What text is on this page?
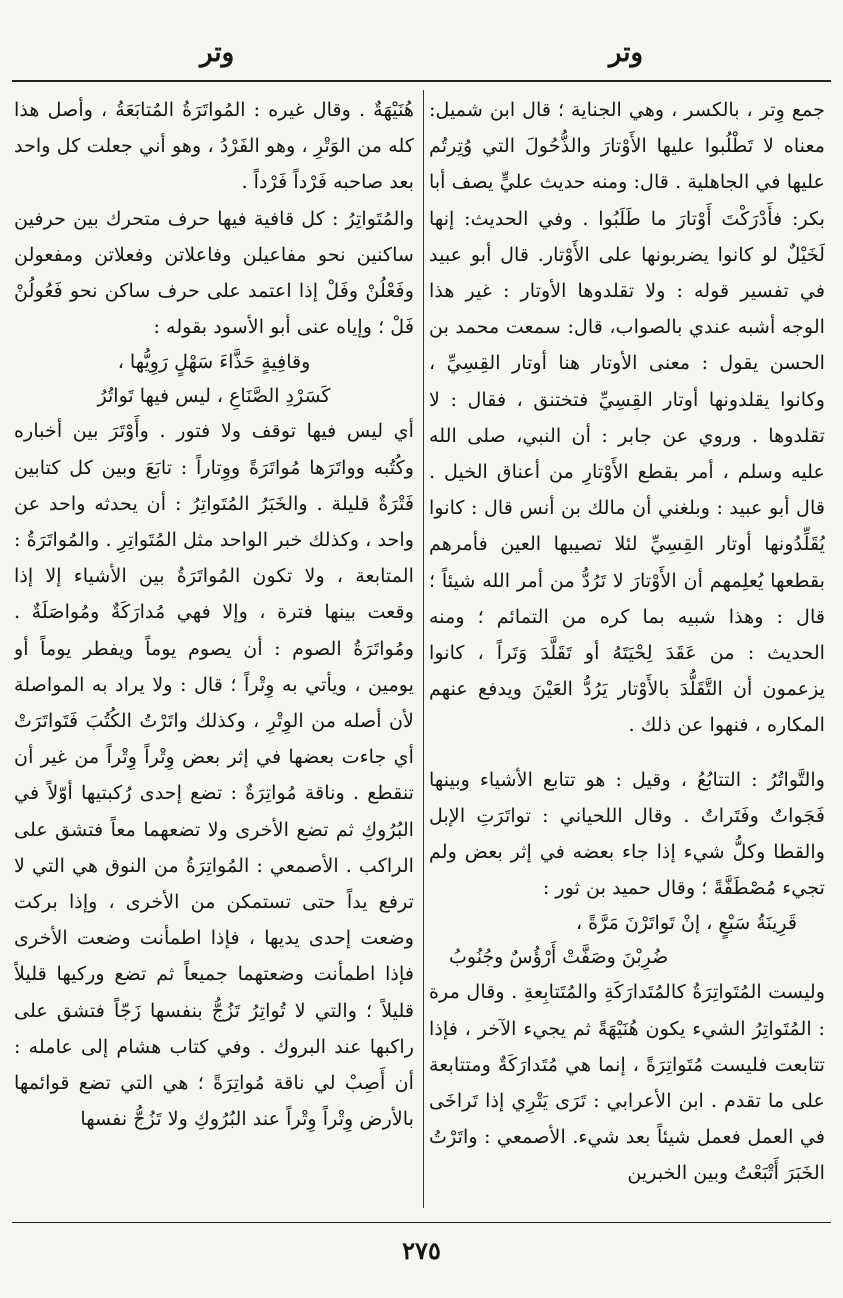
وتر
وتر

جمع وِتر ، بالكسر ، وهي الجناية ؛ قال ابن شميل: معناه لا تَطْلُبوا عليها الأَوْتارَ والذُّحُولَ التي وُتِرتُم عليها في الجاهلية . قال: ومنه حديث عليٍّ يصف أبا بكر: فأَدْرَكْتَ أَوْتارَ ما طَلَبُوا . وفي الحديث: إنها لَخَيْلٌ لو كانوا يضربونها على الأَوْتار. قال أبو عبيد في تفسير قوله : ولا تقلدوها الأوتار : غير هذا الوجه أشبه عندي بالصواب، قال: سمعت محمد بن الحسن يقول : معنى الأوتار هنا أوتار القِسِيِّ ، وكانوا يقلدونها أوتار القِسِيِّ فتختنق ، فقال : لا تقلدوها . وروي عن جابر : أن النبي، صلى الله عليه وسلم ، أمر بقطع الأَوْتارِ من أعناق الخيل . قال أبو عبيد : وبلغني أن مالك بن أنس قال : كانوا يُقَلِّدُونها أوتار القِسِيِّ لئلا تصيبها العين فأمرهم بقطعها يُعلِمهم أن الأَوْتارَ لا تَرُدُّ من أمر الله شيئاً ؛ قال : وهذا شبيه بما كره من التمائم ؛ ومنه الحديث : من عَقَدَ لِحْيَتَهُ أو تَقَلَّدَ وَتَراً ، كانوا يزعمون أن التَّقَلُّدَ بالأَوْتار يَرُدُّ العَيْنَ ويدفع عنهم المكاره ، فنهوا عن ذلك .

والتَّواتُرُ : التتابُعُ ، وقيل : هو تتابع الأشياء وبينها فَجَواتٌ وفَتَراتٌ . وقال اللحياني : تواتَرَتِ الإبل والقطا وكلُّ شيء إذا جاء بعضه في إثر بعض ولم تجيء مُصْطَفَّةً ؛ وقال حميد بن ثور :

قَرِينَةُ سَبْعٍ ، إنْ تَواتَرْنَ مَرَّةً ،

ضُرِبْنَ وصَفَّتْ أَرْؤُسٌ وجُنُوبُ

وليست المُتَواتِرَةُ كالمُتَدارَكَةِ والمُتَتابِعةِ . وقال مرة : المُتَواتِرُ الشيء يكون هُنَيْهَةً ثم يجيء الآخر ، فإذا تتابعت فليست مُتَواتِرَةً ، إنما هي مُتَدارَكَةٌ ومتتابعة على ما تقدم . ابن الأعرابي : تَرَى يَتْرِي إذا تَراخَى في العمل فعمل شيئاً بعد شيء. الأصمعي : واتَرْتُ الخَبَرَ أَتْبَعْتُ وبين الخبرين

هُنَيْهَةٌ . وقال غيره : المُواتَرَةُ المُتابَعَةُ ، وأصل هذا كله من الوَتْرِ ، وهو الفَرْدُ ، وهو أني جعلت كل واحد بعد صاحبه فَرْداً فَرْداً .

والمُتَواتِرُ : كل قافية فيها حرف متحرك بين حرفين ساكنين نحو مفاعيلن وفاعلاتن وفعلاتن ومفعولن وفَعْلُنْ وفَلْ إذا اعتمد على حرف ساكن نحو فَعُولُنْ فَلْ ؛ وإياه عنى أبو الأسود بقوله :

وقافِيةٍ حَذَّاءَ سَهْلٍ رَوِيُّها ،

كَسَرْدِ الصَّنَاعِ ، ليس فيها تَواتُرُ

أي ليس فيها توقف ولا فتور . وأَوْتَرَ بين أخباره وكُتُبه وواتَرَها مُواتَرَةً ووِتاراً : تابَعَ وبين كل كتابين فَتْرَةٌ قليلة . والخَبَرُ المُتَواتِرُ : أن يحدثه واحد عن واحد ، وكذلك خبر الواحد مثل المُتَواتِرِ . والمُواتَرَةُ : المتابعة ، ولا تكون المُواتَرَةُ بين الأشياء إلا إذا وقعت بينها فترة ، وإلا فهي مُدارَكَةٌ ومُواصَلَةٌ . ومُواتَرَةُ الصوم : أن يصوم يوماً ويفطر يوماً أو يومين ، ويأتي به وِتْراً ؛ قال : ولا يراد به المواصلة لأن أصله من الوِتْرِ ، وكذلك واتَرْتُ الكُتُبَ فَتَواتَرَتْ أي جاءت بعضها في إثر بعض وِتْراً وِتْراً من غير أن تنقطع . وناقة مُواتِرَةٌ : تضع إحدى رُكبتيها أوّلاً في البُرُوكِ ثم تضع الأخرى ولا تضعهما معاً فتشق على الراكب . الأصمعي : المُواتِرَةُ من النوق هي التي لا ترفع يداً حتى تستمكن من الأخرى ، وإذا بركت وضعت إحدى يديها ، فإذا اطمأنت وضعت الأخرى فإذا اطمأنت وضعتهما جميعاً ثم تضع وركيها قليلاً قليلاً ؛ والتي لا تُواتِرُ تَزُجُّ بنفسها زَجّاً فتشق على راكبها عند البروك . وفي كتاب هشام إلى عامله : أن أَصِبْ لي ناقة مُواتِرَةً ؛ هي التي تضع قوائمها بالأرض وِتْراً وِتْراً عند البُرُوكِ ولا تَزُجُّ نفسها

٢٧٥
